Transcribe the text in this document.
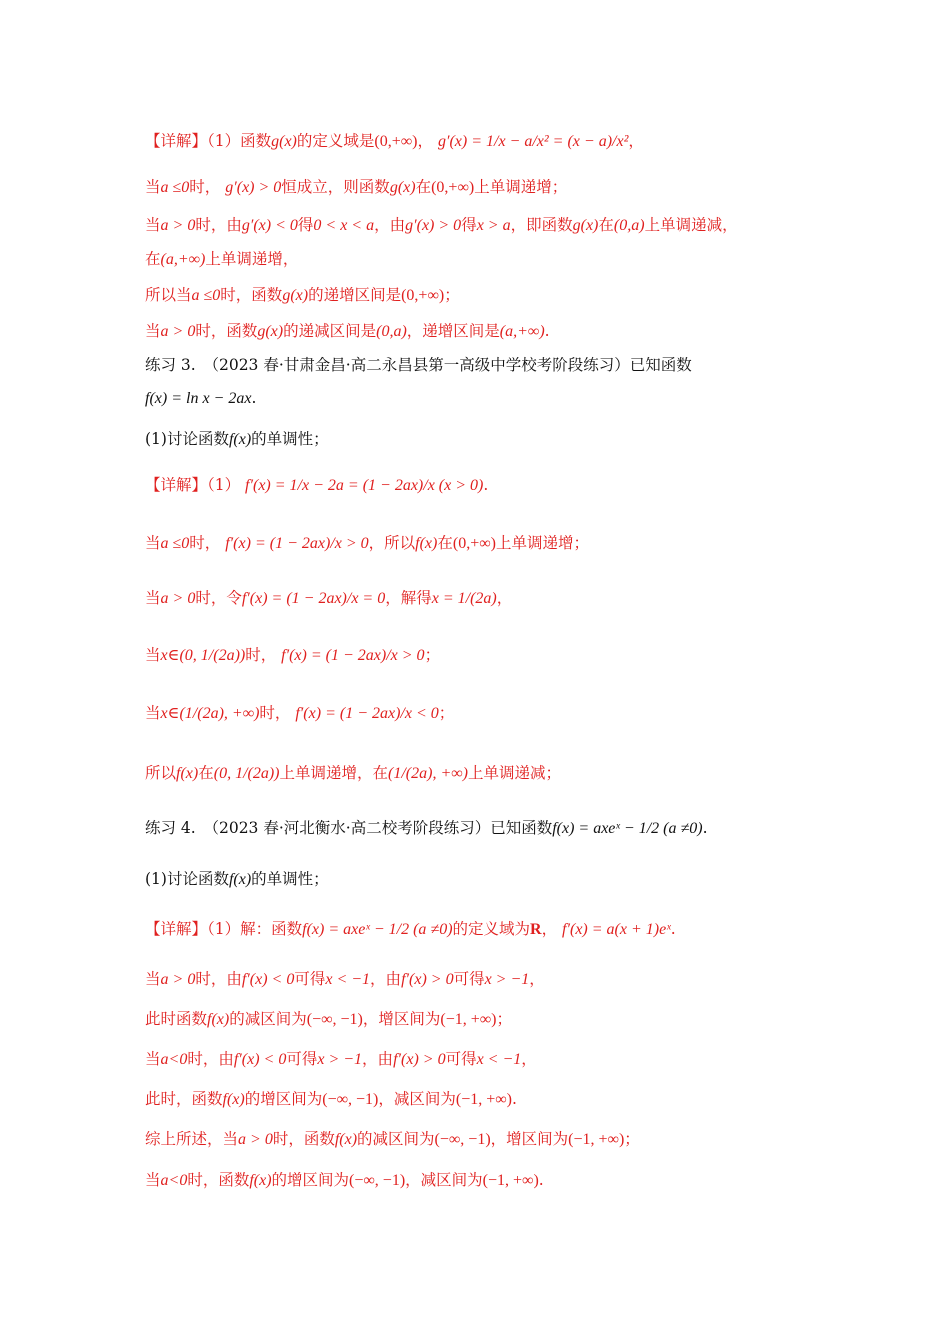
【详解】（1）函数g(x)的定义域是(0,+∞)， g′(x) = 1/x − a/x² = (x − a)/x²，
当a ≤0时， g′(x) > 0恒成立，则函数g(x)在(0,+∞)上单调递增；
当a > 0时，由g′(x) < 0得0 < x < a，由g′(x) > 0得x > a，即函数g(x)在(0,a)上单调递减，
在(a,+∞)上单调递增，
所以当a ≤0时，函数g(x)的递增区间是(0,+∞)；
当a > 0时，函数g(x)的递减区间是(0,a)，递增区间是(a,+∞).
练习 3.　（2023 春·甘肃金昌·高二永昌县第一高级中学校考阶段练习）已知函数
f(x) = ln x − 2ax.
(1)讨论函数f(x)的单调性；
【详解】（1） f′(x) = 1/x − 2a = (1 − 2ax)/x (x > 0).
当a ≤0时， f′(x) = (1 − 2ax)/x > 0，所以f(x)在(0,+∞)上单调递增；
当a > 0时，令f′(x) = (1 − 2ax)/x = 0，解得x = 1/(2a)，
当x∈(0, 1/(2a))时， f′(x) = (1 − 2ax)/x > 0；
当x∈(1/(2a), +∞)时， f′(x) = (1 − 2ax)/x < 0；
所以f(x)在(0, 1/(2a))上单调递增，在(1/(2a), +∞)上单调递减；
练习 4.　（2023 春·河北衡水·高二校考阶段练习）已知函数f(x) = axeˣ − 1/2 (a ≠0).
(1)讨论函数f(x)的单调性；
【详解】（1）解：函数f(x) = axeˣ − 1/2 (a ≠0)的定义域为R， f′(x) = a(x + 1)eˣ.
当a > 0时，由f′(x) < 0可得x < −1，由f′(x) > 0可得x > −1，
此时函数f(x)的减区间为(−∞, −1)，增区间为(−1, +∞)；
当a<0时，由f′(x) < 0可得x > −1，由f′(x) > 0可得x < −1，
此时，函数f(x)的增区间为(−∞, −1)，减区间为(−1, +∞).
综上所述，当a > 0时，函数f(x)的减区间为(−∞, −1)，增区间为(−1, +∞)；
当a<0时，函数f(x)的增区间为(−∞, −1)，减区间为(−1, +∞).
